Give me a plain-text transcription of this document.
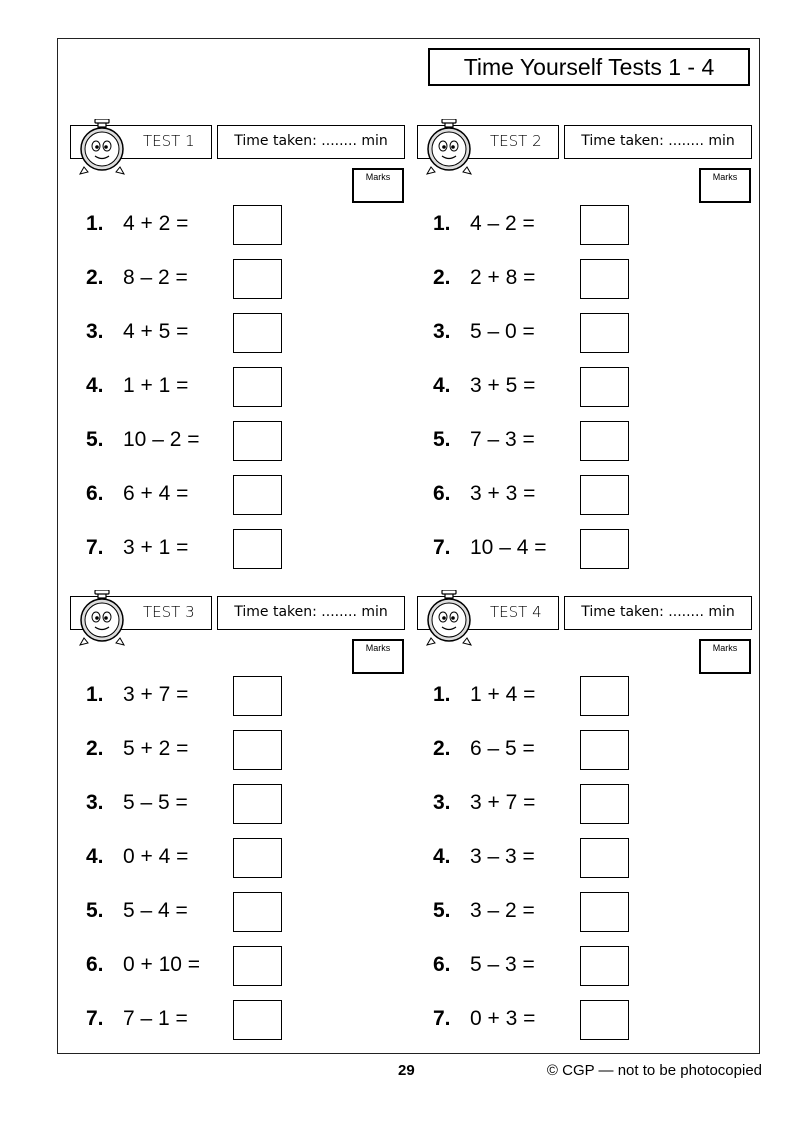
Time Yourself Tests 1 - 4
TEST 1	Time taken: ........ min
Marks
1. 4 + 2 =
2. 8 – 2 =
3. 4 + 5 =
4. 1 + 1 =
5. 10 – 2 =
6. 6 + 4 =
7. 3 + 1 =
TEST 2	Time taken: ........ min
Marks
1. 4 – 2 =
2. 2 + 8 =
3. 5 – 0 =
4. 3 + 5 =
5. 7 – 3 =
6. 3 + 3 =
7. 10 – 4 =
TEST 3	Time taken: ........ min
Marks
1. 3 + 7 =
2. 5 + 2 =
3. 5 – 5 =
4. 0 + 4 =
5. 5 – 4 =
6. 0 + 10 =
7. 7 – 1 =
TEST 4	Time taken: ........ min
Marks
1. 1 + 4 =
2. 6 – 5 =
3. 3 + 7 =
4. 3 – 3 =
5. 3 – 2 =
6. 5 – 3 =
7. 0 + 3 =
29	© CGP — not to be photocopied
